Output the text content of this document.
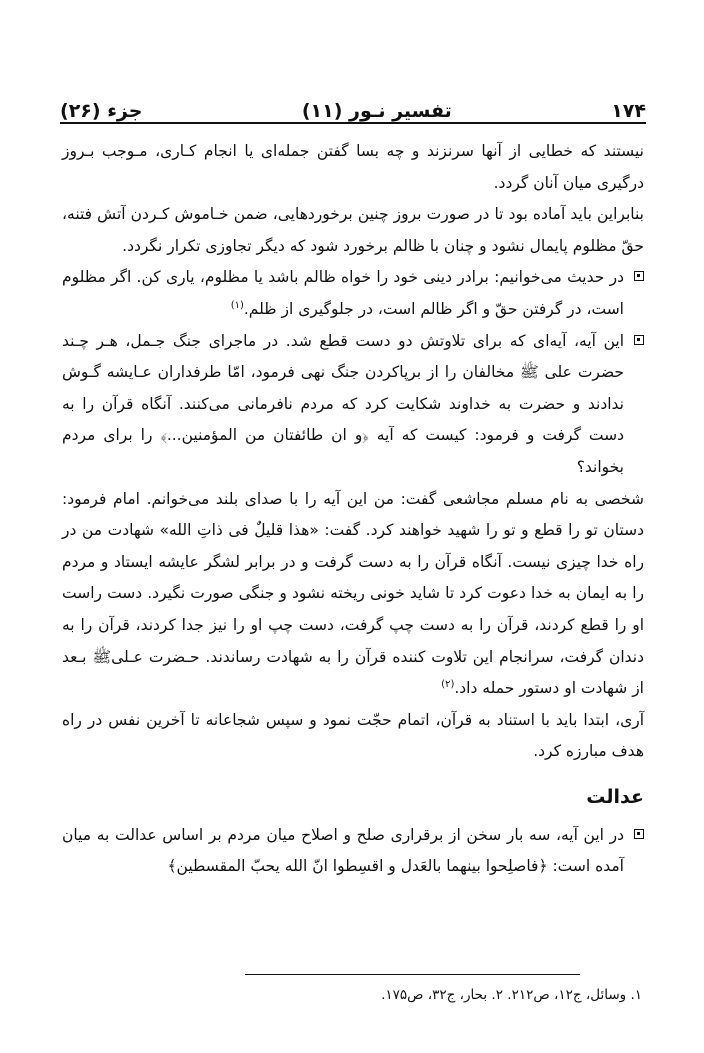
۱۷۴
تفسیر نـور (۱۱)
جزء (۲۶)

نیستند که خطایی از آنها سرنزند و چه بسا گفتن جمله‌ای یا انجام کـاری، مـوجب بـروز درگیری میان آنان گردد.

بنابراین باید آماده بود تا در صورت بروز چنین برخوردهایی، ضمن خـاموش کـردن آتش فتنه، حقّ مظلوم پایمال نشود و چنان با ظالم برخورد شود که دیگر تجاوزی تکرار نگردد.

در حدیث می‌خوانیم: برادر دینی خود را خواه ظالم باشد یا مظلوم، یاری کن. اگر مظلوم است، در گرفتن حقّ و اگر ظالم است، در جلوگیری از ظلم.$^{(۱)}$

این آیه، آیه‌ای که برای تلاوتش دو دست قطع شد. در ماجرای جنگ جـمل، هـر چـند حضرت علی ﷺ مخالفان را از برپاکردن جنگ نهی فرمود، امّا طرفداران عـایشه گـوش ندادند و حضرت به خداوند شکایت کرد که مردم نافرمانی می‌کنند. آنگاه قرآن را به دست گرفت و فرمود: کیست که آیه ﴿و ان طائفتان من المؤمنین...﴾ را برای مردم بخواند؟

شخصی به نام مسلم مجاشعی گفت: من این آیه را با صدای بلند می‌خوانم. امام فرمود: دستان تو را قطع و تو را شهید خواهند کرد. گفت: «هذا قلیلٌ فی ذاتِ الله» شهادت من در راه خدا چیزی نیست. آنگاه قرآن را به دست گرفت و در برابر لشگر عایشه ایستاد و مردم را به ایمان به خدا دعوت کرد تا شاید خونی ریخته نشود و جنگی صورت نگیرد. دست راست او را قطع کردند، قرآن را به دست چپ گرفت، دست چپ او را نیز جدا کردند، قرآن را به دندان گرفت، سرانجام این تلاوت کننده قرآن را به شهادت رساندند. حـضرت عـلیﷺ بـعد از شهادت او دستور حمله داد.$^{(۲)}$

آری، ابتدا باید با استناد به قرآن، اتمام حجّت نمود و سپس شجاعانه تا آخرین نفس در راه هدف مبارزه کرد.

عدالت

در این آیه، سه بار سخن از برقراری صلح و اصلاح میان مردم بر اساس عدالت به میان آمده است: ﴿فاصلِحوا بینهما بالعَدل و اقسِطوا انّ الله یحبّ المقسطین﴾

۱. وسائل، ج۱۲، ص۲۱۲. ۲. بحار، ج۳۲، ص۱۷۵.
